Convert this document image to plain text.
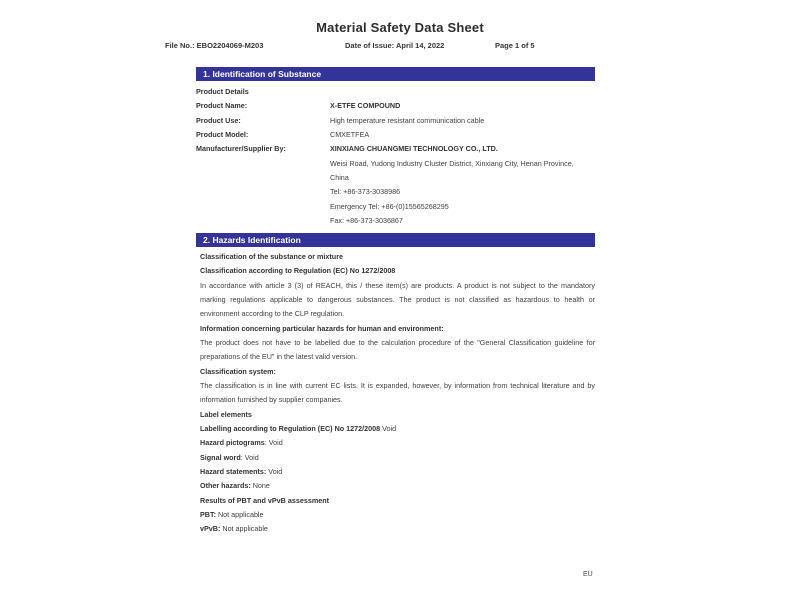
Material Safety Data Sheet
File No.: EBO2204069-M203	Date of Issue: April 14, 2022	Page 1 of 5
1. Identification of Substance
Product Details
Product Name:	X-ETFE COMPOUND
Product Use:	High temperature resistant communication cable
Product Model:	CMXETFEA
Manufacturer/Supplier By:	XINXIANG CHUANGMEI TECHNOLOGY CO., LTD.
Weisi Road, Yudong Industry Cluster District, Xinxiang City, Henan Province,
China
Tel: +86-373-3038986
Emergency Tel: +86-(0)15565268295
Fax: +86-373-3036867
2. Hazards Identification
Classification of the substance or mixture
Classification according to Regulation (EC) No 1272/2008
In accordance with article 3 (3) of REACH, this / these item(s) are products. A product is not subject to the mandatory marking regulations applicable to dangerous substances. The product is not classified as hazardous to health or environment according to the CLP regulation.
Information concerning particular hazards for human and environment:
The product does not have to be labelled due to the calculation procedure of the "General Classification guideline for preparations of the EU" in the latest valid version.
Classification system:
The classification is in line with current EC lists. It is expanded, however, by information from technical literature and by information furnished by supplier companies.
Label elements
Labelling according to Regulation (EC) No 1272/2008 Void
Hazard pictograms: Void
Signal word: Void
Hazard statements: Void
Other hazards: None
Results of PBT and vPvB assessment
PBT: Not applicable
vPvB: Not applicable
EU
